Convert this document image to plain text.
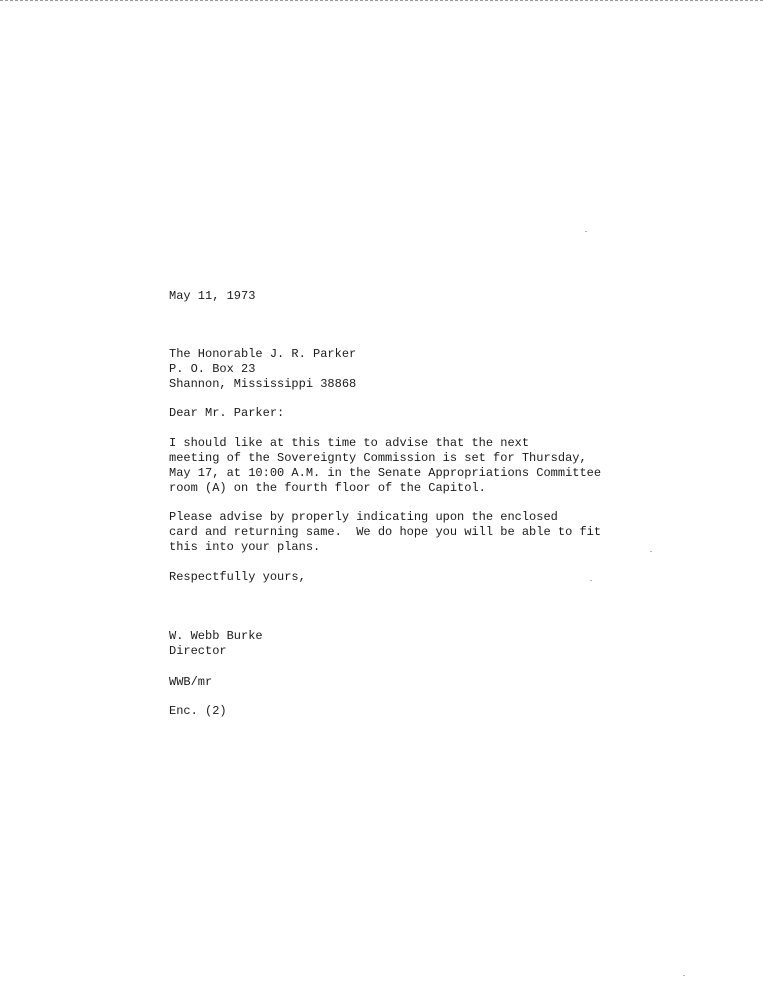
May 11, 1973
The Honorable J. R. Parker
P. O. Box 23
Shannon, Mississippi 38868
Dear Mr. Parker:
I should like at this time to advise that the next
meeting of the Sovereignty Commission is set for Thursday,
May 17, at 10:00 A.M. in the Senate Appropriations Committee
room (A) on the fourth floor of the Capitol.
Please advise by properly indicating upon the enclosed
card and returning same.  We do hope you will be able to fit
this into your plans.
Respectfully yours,
W. Webb Burke
Director
WWB/mr
Enc. (2)
